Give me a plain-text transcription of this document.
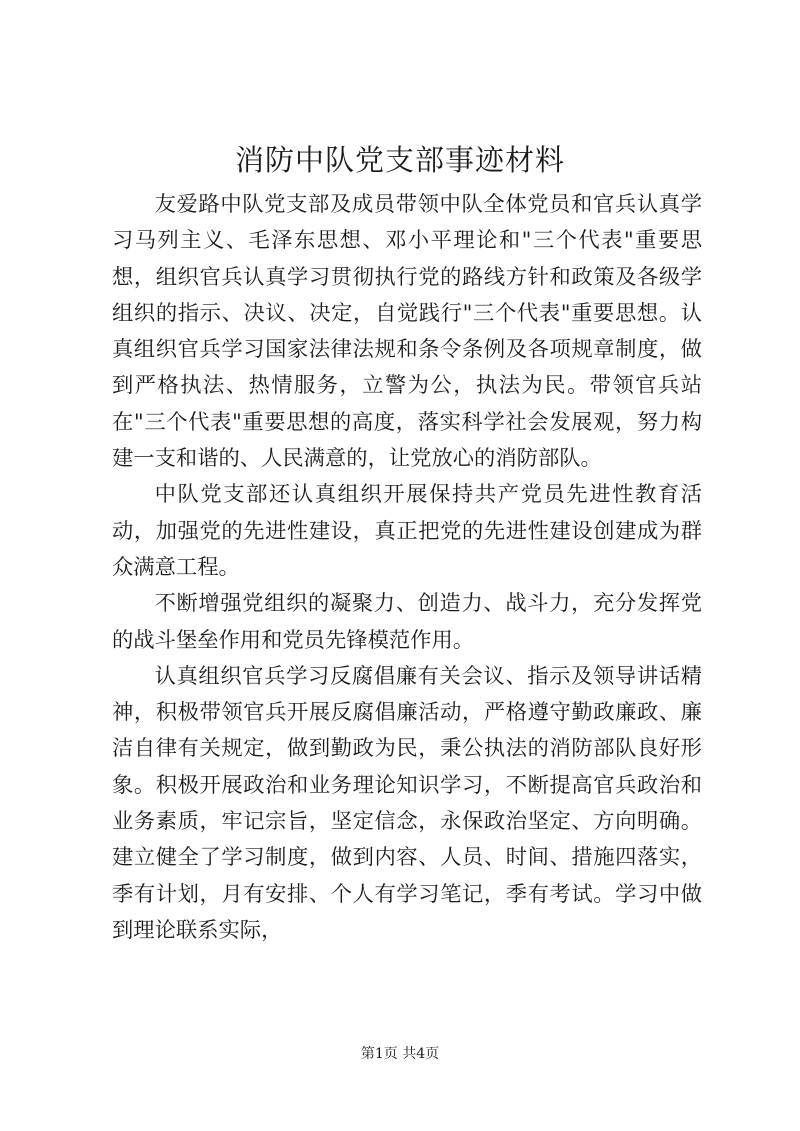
消防中队党支部事迹材料

友爱路中队党支部及成员带领中队全体党员和官兵认真学习马列主义、毛泽东思想、邓小平理论和"三个代表"重要思想，组织官兵认真学习贯彻执行党的路线方针和政策及各级学组织的指示、决议、决定，自觉践行"三个代表"重要思想。认真组织官兵学习国家法律法规和条令条例及各项规章制度，做到严格执法、热情服务，立警为公，执法为民。带领官兵站在"三个代表"重要思想的高度，落实科学社会发展观，努力构建一支和谐的、人民满意的，让党放心的消防部队。

中队党支部还认真组织开展保持共产党员先进性教育活动，加强党的先进性建设，真正把党的先进性建设创建成为群众满意工程。

不断增强党组织的凝聚力、创造力、战斗力，充分发挥党的战斗堡垒作用和党员先锋模范作用。

认真组织官兵学习反腐倡廉有关会议、指示及领导讲话精神，积极带领官兵开展反腐倡廉活动，严格遵守勤政廉政、廉洁自律有关规定，做到勤政为民，秉公执法的消防部队良好形象。积极开展政治和业务理论知识学习，不断提高官兵政治和业务素质，牢记宗旨，坚定信念，永保政治坚定、方向明确。建立健全了学习制度，做到内容、人员、时间、措施四落实，季有计划，月有安排、个人有学习笔记，季有考试。学习中做到理论联系实际，

第1页 共4页
